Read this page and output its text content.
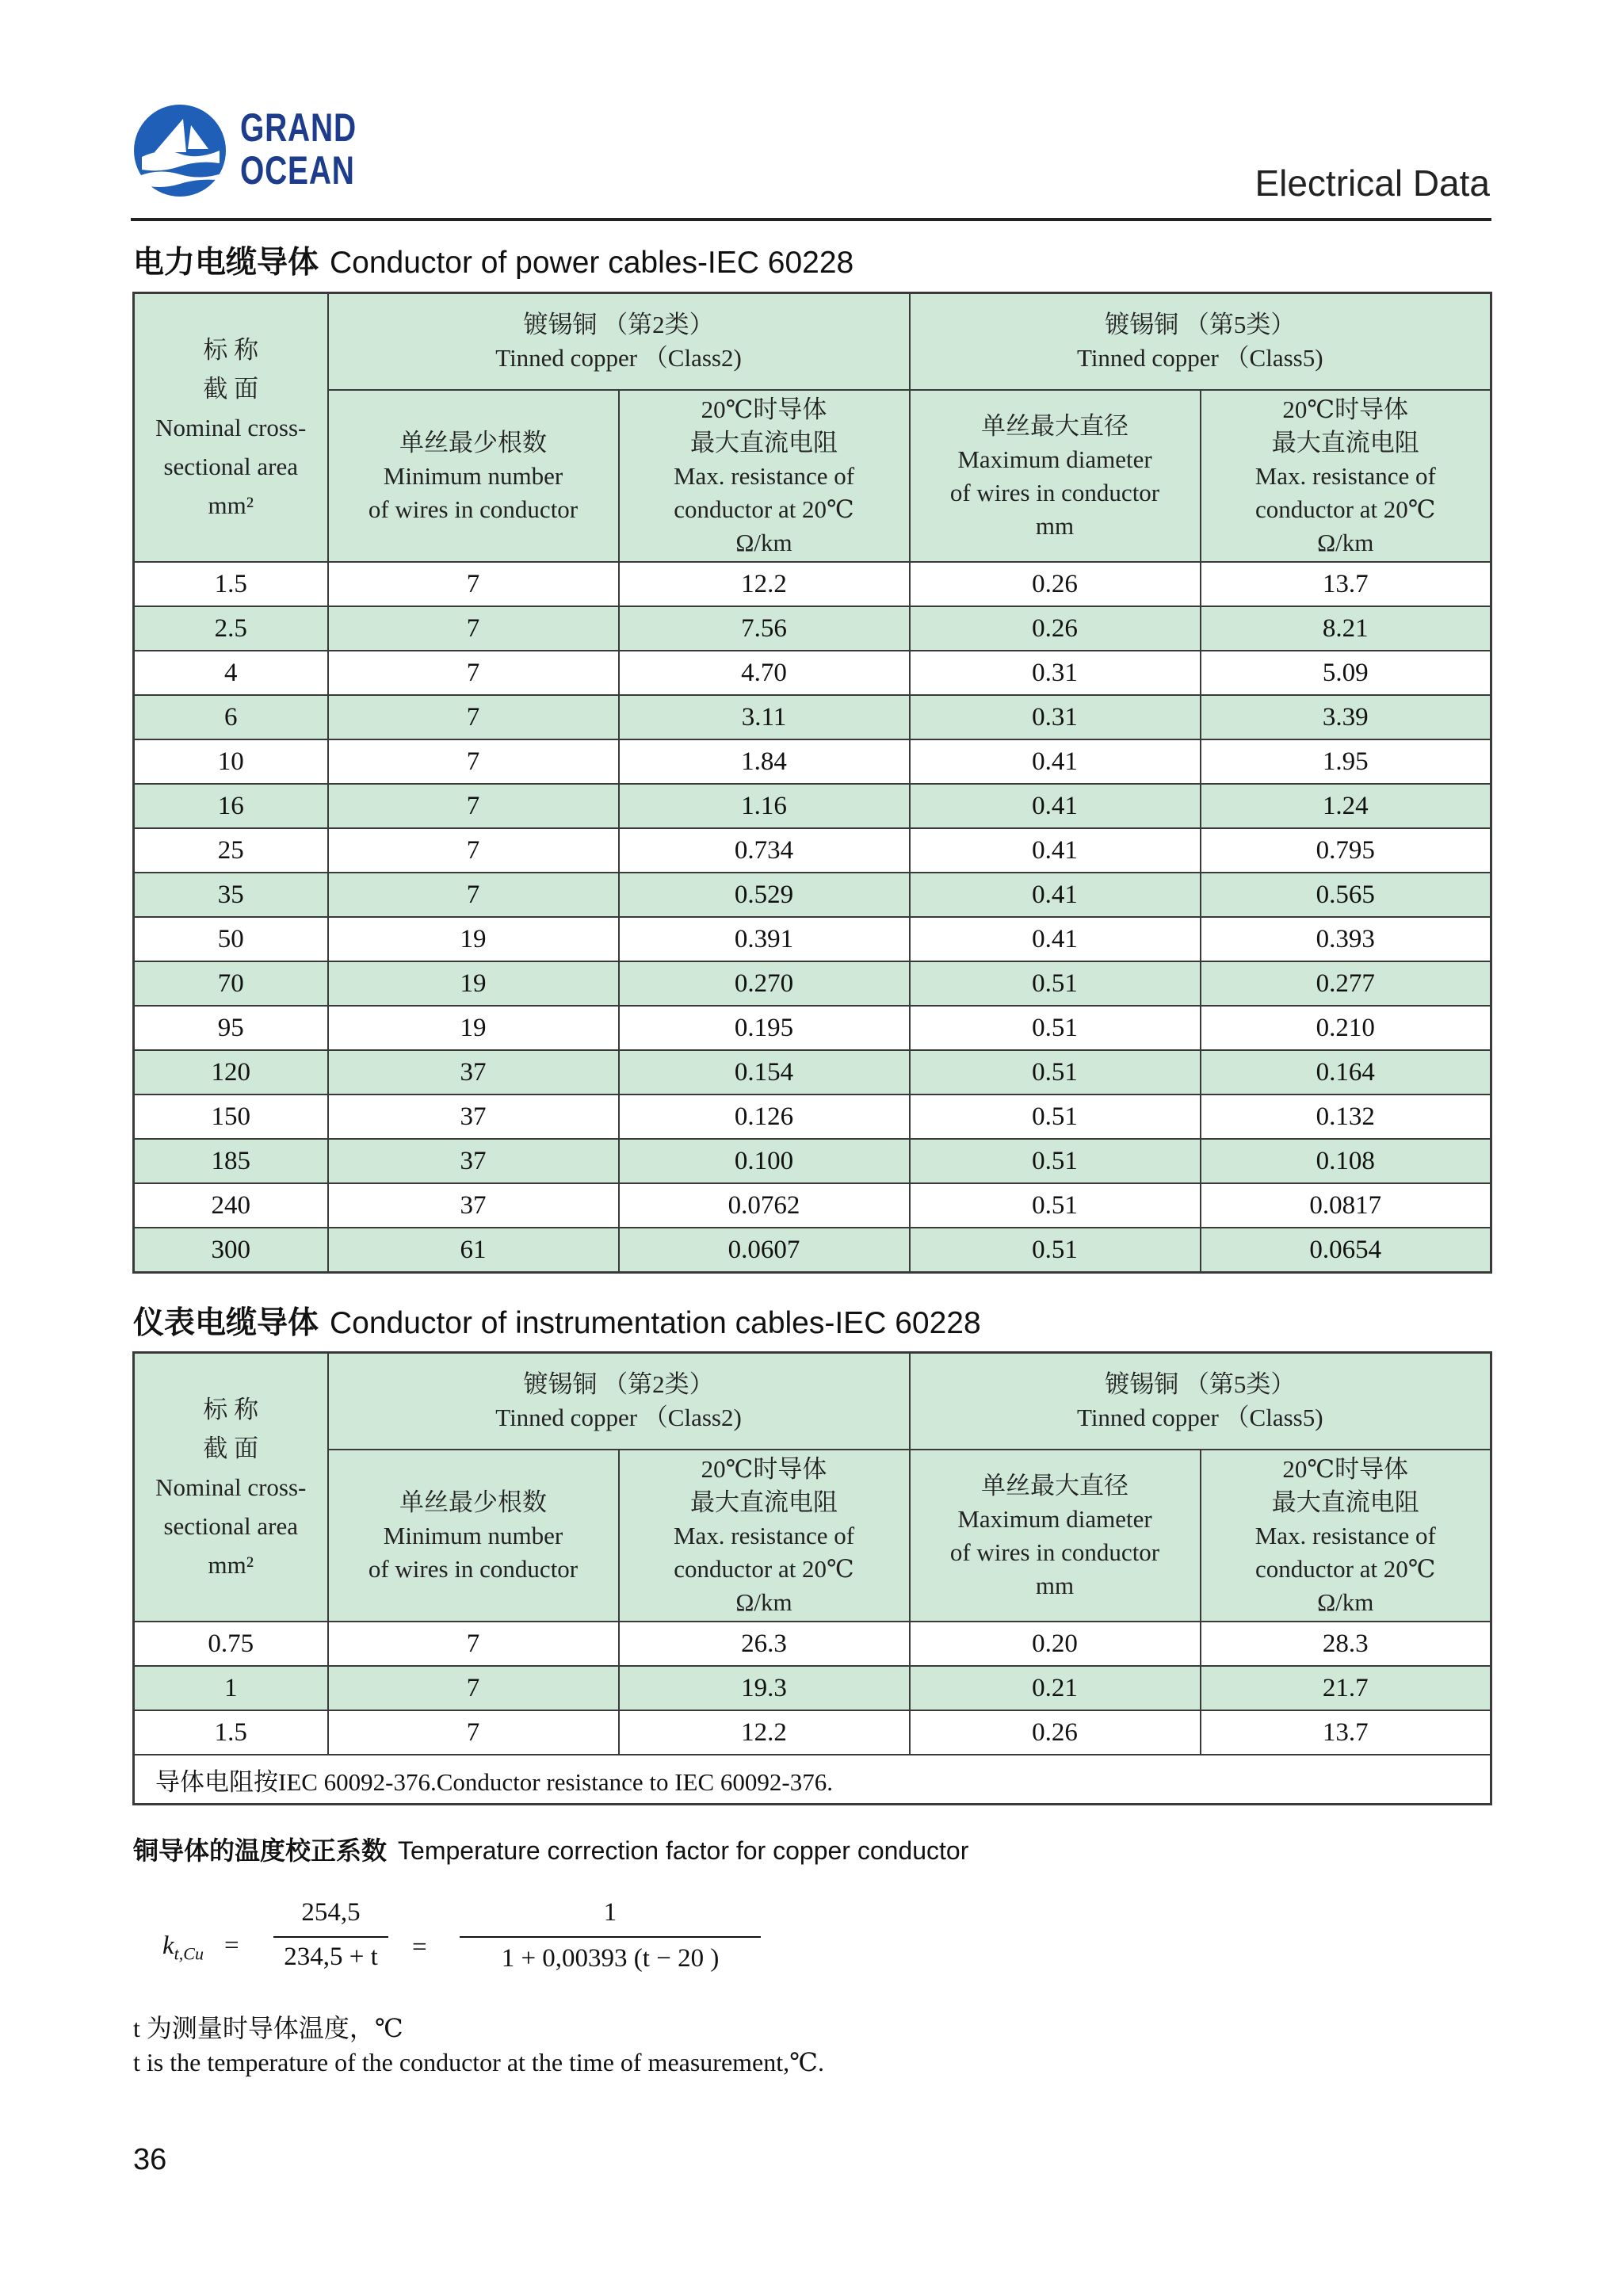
GRAND
OCEAN	Electrical Data
电力电缆导体 Conductor of power cables-IEC 60228
标 称
截 面
Nominal cross-
sectional area
mm²	镀锡铜 （第2类）
Tinned copper （Class2)		镀锡铜 （第5类）
Tinned copper （Class5)	

	单丝最少根数
Minimum number
of wires in conductor	20℃时导体
最大直流电阻
Max. resistance of
conductor at 20℃
Ω/km	单丝最大直径
Maximum diameter
of wires in conductor
mm	20℃时导体
最大直流电阻
Max. resistance of
conductor at 20℃
Ω/km

1.5	7	12.2	0.26	13.7
2.5	7	7.56	0.26	8.21
4	7	4.70	0.31	5.09
6	7	3.11	0.31	3.39
10	7	1.84	0.41	1.95
16	7	1.16	0.41	1.24
25	7	0.734	0.41	0.795
35	7	0.529	0.41	0.565
50	19	0.391	0.41	0.393
70	19	0.270	0.51	0.277
95	19	0.195	0.51	0.210
120	37	0.154	0.51	0.164
150	37	0.126	0.51	0.132
185	37	0.100	0.51	0.108
240	37	0.0762	0.51	0.0817
300	61	0.0607	0.51	0.0654
仪表电缆导体 Conductor of instrumentation cables-IEC 60228
标 称
截 面
Nominal cross-
sectional area
mm²	镀锡铜 （第2类）
Tinned copper （Class2)		镀锡铜 （第5类）
Tinned copper （Class5)	

	单丝最少根数
Minimum number
of wires in conductor	20℃时导体
最大直流电阻
Max. resistance of
conductor at 20℃
Ω/km	单丝最大直径
Maximum diameter
of wires in conductor
mm	20℃时导体
最大直流电阻
Max. resistance of
conductor at 20℃
Ω/km

0.75	7	26.3	0.20	28.3
1	7	19.3	0.21	21.7
1.5	7	12.2	0.26	13.7
导体电阻按IEC 60092-376.Conductor resistance to IEC 60092-376.				
铜导体的温度校正系数 Temperature correction factor for copper conductor
$k_{t,Cu} = \frac{254,5}{234,5 + t} = \frac{1}{1 + 0,00393 (t - 20 )}$
t 为测量时导体温度，℃
t is the temperature of the conductor at the time of measurement,℃.
36
